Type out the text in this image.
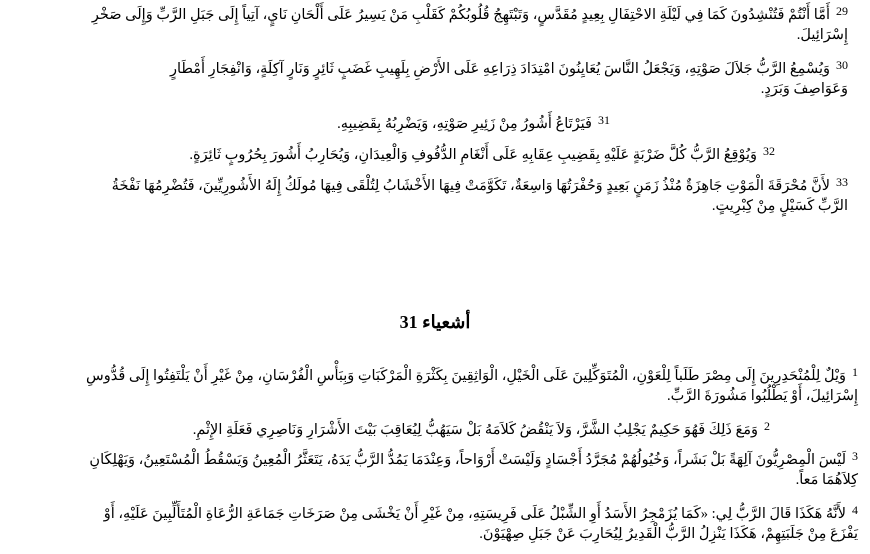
$^{29}$أَمَّا أَنْتُمْ فَتُنْشِدُونَ كَمَا فِي لَيْلَةِ الاحْتِفَالِ بِعِيدٍ مُقَدَّسٍ، وَتَبْتَهِجُ قُلُوبُكُمْ كَقَلْبِ مَنْ يَسِيرُ عَلَى أَلْحَانِ نَايٍ، آتِياً إِلَى جَبَلِ الرَّبِّ وَإِلَى صَخْرِ
إِسْرَائِيلَ.
$^{30}$وَيُسْمِعُ الرَّبُّ جَلاَلَ صَوْتِهِ، وَيَجْعَلُ النَّاسَ يُعَايِنُونَ امْتِدَادَ ذِرَاعِهِ عَلَى الأَرْضِ بِلَهِيبِ غَضَبٍ ثَائِرٍ وَنَارٍ آكِلَةٍ، وَانْفِجَارِ أَمْطَارٍ
وَعَوَاصِفَ وَبَرَدٍ.
$^{31}$فَيَرْتَاعُ أَشُورُ مِنْ زَئِيرِ صَوْتِهِ، وَيَضْرِبُهُ بِقَضِيبِهِ.
$^{32}$وَيُوْقِعُ الرَّبُّ كُلَّ ضَرْبَةٍ عَلَيْهِ بِقَضِيبِ عِقَابِهِ عَلَى أَنْغَامِ الدُّفُوفِ وَالْعِيدَانِ، وَيُحَارِبُ أَشُورَ بِحُرُوبٍ ثَائِرَةٍ.
$^{33}$لأَنَّ مُحْرَقَةَ الْمَوْتِ جَاهِزَةٌ مُنْذُ زَمَنٍ بَعِيدٍ وَحُفْرَتُهَا وَاسِعَةٌ، تَكَوَّمَتْ فِيهَا الأَخْشَابُ لِتُلْقَى فِيهَا مُولَكُ إِلَهُ الأَشُورِيِّينَ، فَتُضْرِمُهَا نَفْخَةُ
الرَّبِّ كَسَيْلٍ مِنْ كِبْرِيتٍ.
أشعياء 31
$^1$وَيْلٌ لِلْمُنْحَدِرِينَ إِلَى مِصْرَ طَلَباً لِلْعَوْنِ، الْمُتَوَكِّلِينَ عَلَى الْخَيْلِ، الْوَاثِقِينَ بِكَثْرَةِ الْمَرْكَبَاتِ وَبِبَأْسِ الْفُرْسَانِ، مِنْ غَيْرِ أَنْ يَلْتَفِتُوا إِلَى قُدُّوسِ
إِسْرَائِيلَ، أَوْ يَطْلُبُوا مَشُورَةَ الرَّبِّ.
$^2$وَمَعَ ذَلِكَ فَهُوَ حَكِيمٌ يَجْلِبُ الشَّرَّ، وَلاَ يَنْقُضُ كَلاَمَهُ بَلْ سَيَهُبُّ لِيُعَاقِبَ بَيْتَ الأَشْرَارِ وَنَاصِرِي فَعَلَةِ الإِثْمِ.
$^3$لَيْسَ الْمِصْرِيُّونَ آلِهَةً بَلْ بَشَراً، وَخُيُولُهُمْ مُجَرَّدُ أَجْسَادٍ وَلَيْسَتْ أَرْوَاحاً، وَعِنْدَمَا يَمُدُّ الرَّبُّ يَدَهُ، يَتَعَثَّرُ الْمُعِينُ وَيَسْقُطُ الْمُسْتَعِينُ، وَيَهْلِكَانِ
كِلاَهُمَا مَعاً.
$^4$لأَنَّهُ هَكَذَا قَالَ الرَّبُّ لِي: «كَمَا يُزَمْجِرُ الأَسَدُ أَوِ الشِّبْلُ عَلَى فَرِيسَتِهِ، مِنْ غَيْرِ أَنْ يَخْشَى مِنْ صَرَخَاتِ جَمَاعَةِ الرُّعَاةِ الْمُتَأَلِّبِينَ عَلَيْهِ، أَوْ
يَفْزَعَ مِنْ جَلَبَتِهِمْ، هَكَذَا يَنْزِلُ الرَّبُّ الْقَدِيرُ لِيُحَارِبَ عَنْ جَبَلِ صِهْيَوْنَ.
